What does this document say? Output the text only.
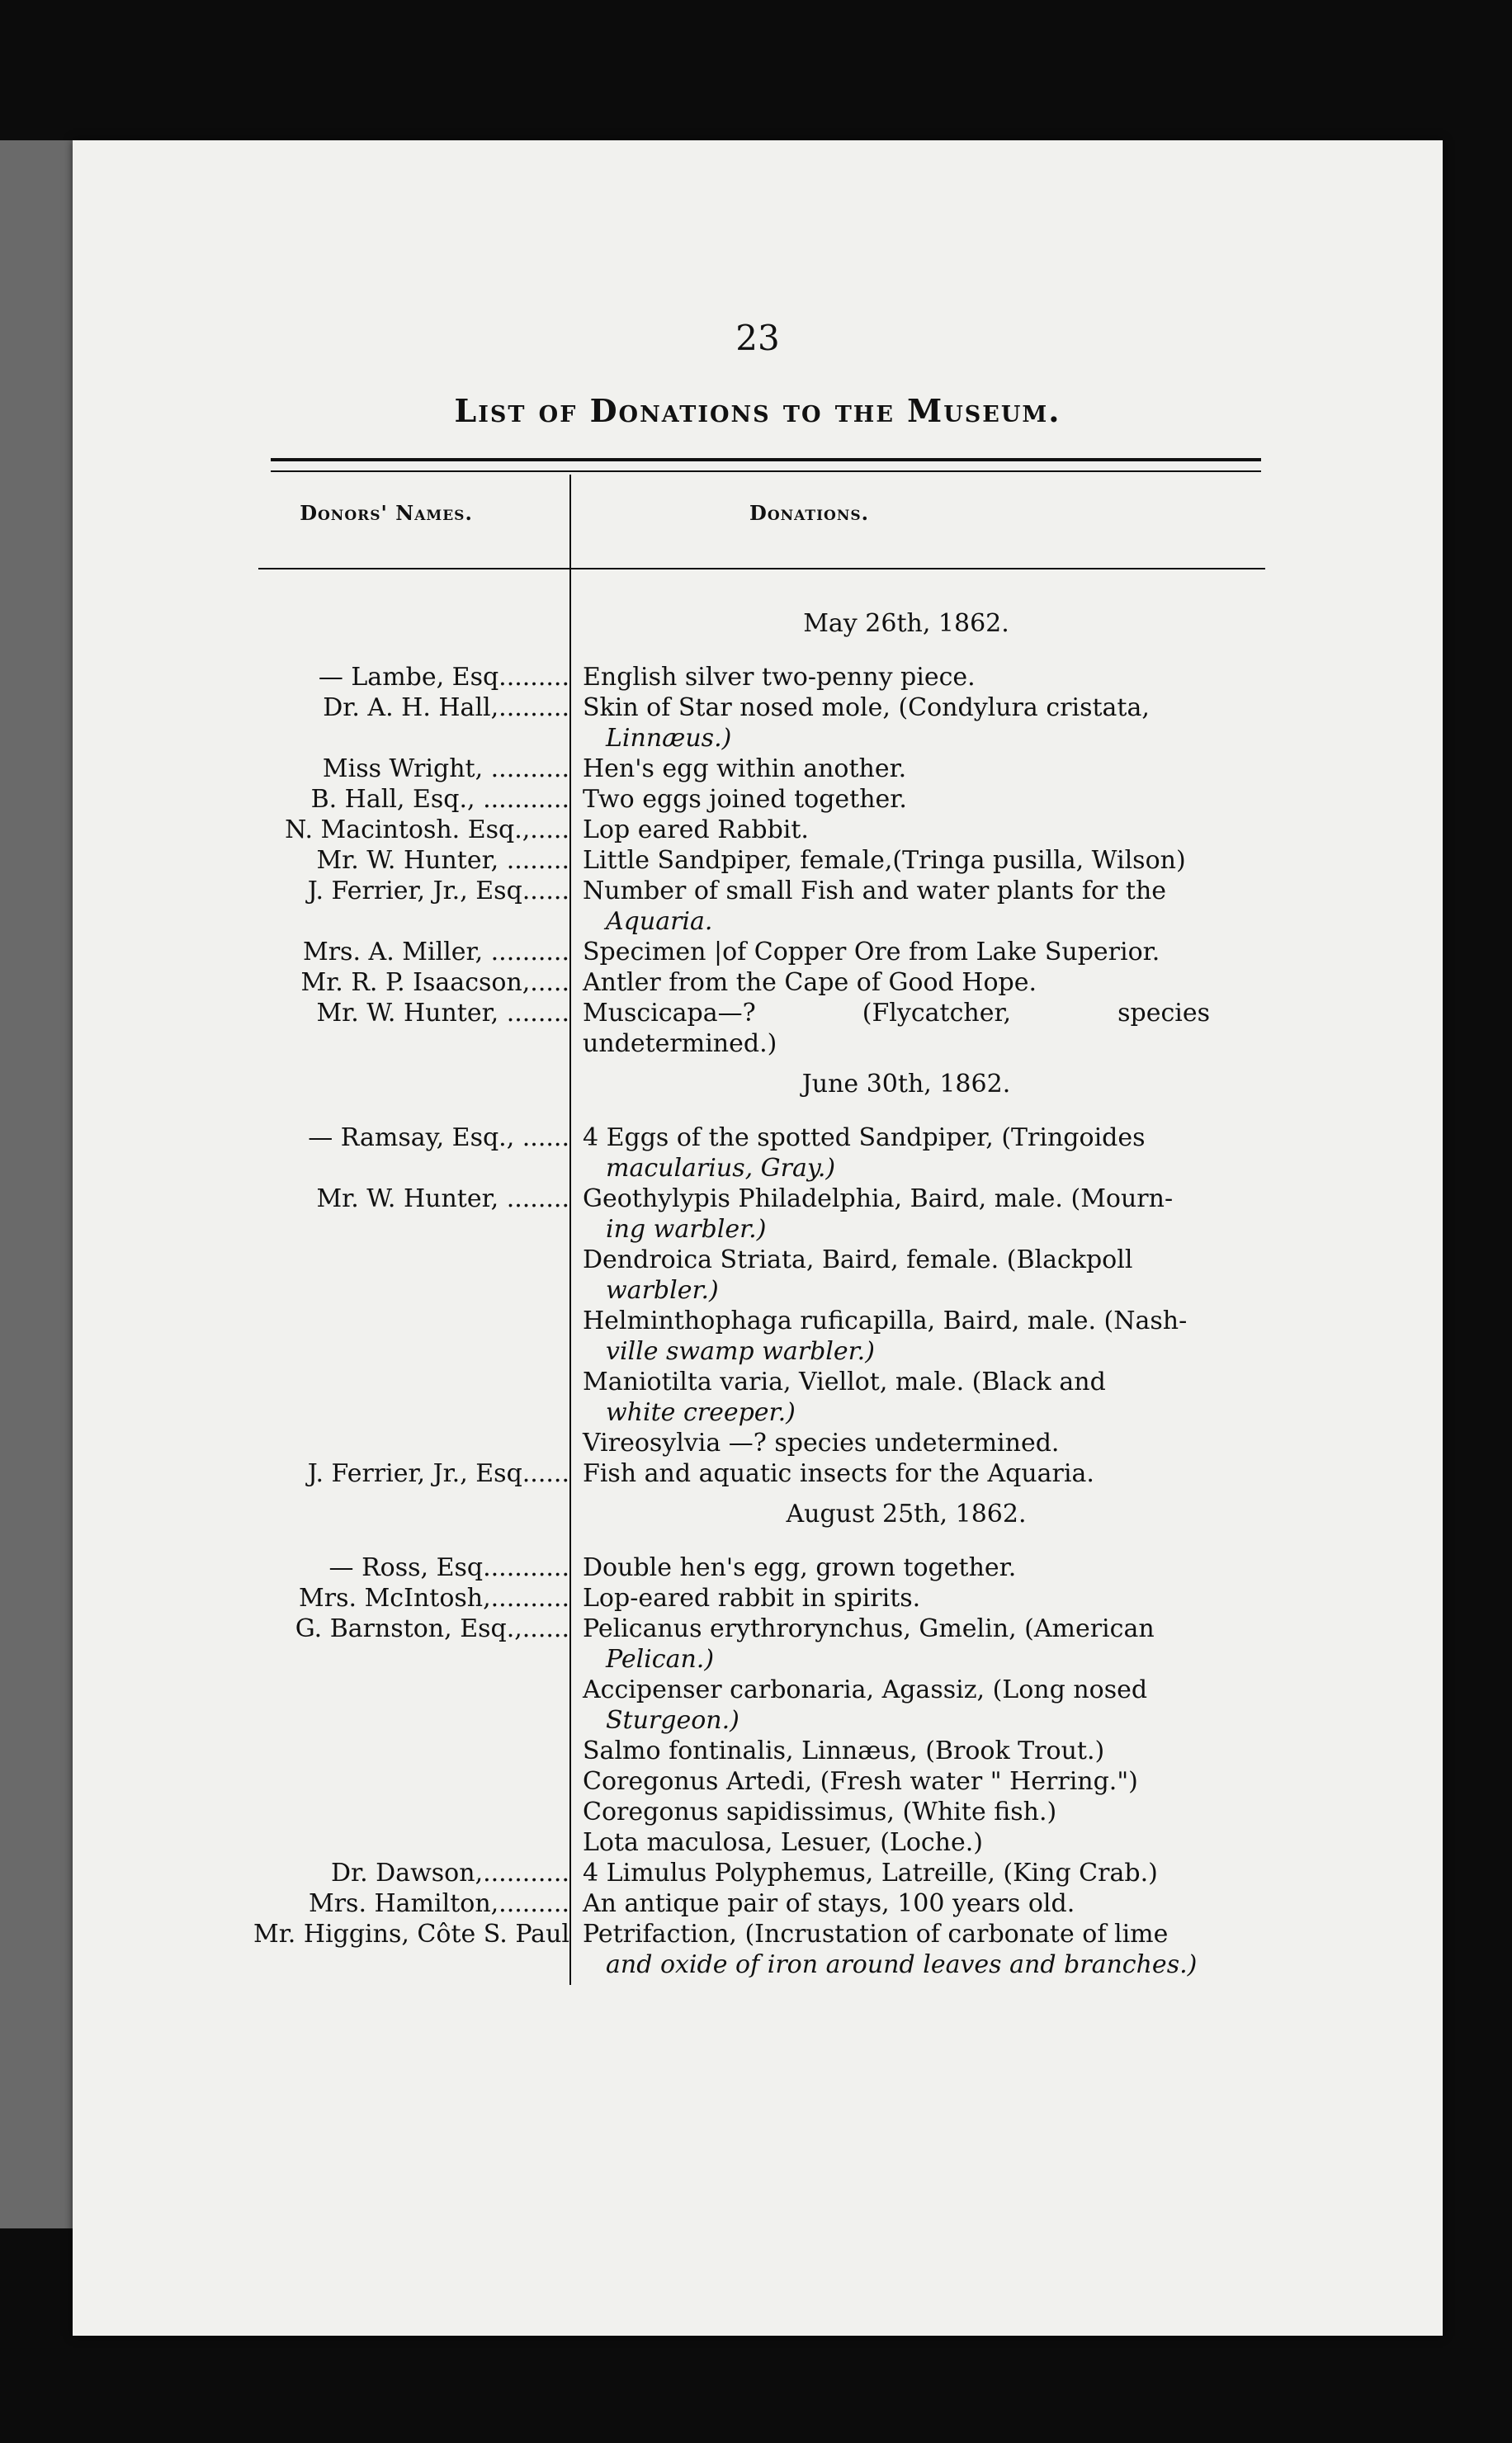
23
List of Donations to the Museum.
Donors' Names.	Donations.
May 26th, 1862.
— Lambe, Esq......... English silver two-penny piece.
Dr. A. H. Hall,......... Skin of Star nosed mole, (Condylura cristata,
Linnæus.)
Miss Wright, .......... Hen's egg within another.
B. Hall, Esq., ........... Two eggs joined together.
N. Macintosh. Esq.,..... Lop eared Rabbit.
Mr. W. Hunter, ........ Little Sandpiper, female,(Tringa pusilla, Wilson)
J. Ferrier, Jr., Esq...... Number of small Fish and water plants for the
Aquaria.
Mrs. A. Miller, .......... Specimen |of Copper Ore from Lake Superior.
Mr. R. P. Isaacson,..... Antler from the Cape of Good Hope.
Mr. W. Hunter, ........ Muscicapa—? (Flycatcher, species undetermined.)
June 30th, 1862.
— Ramsay, Esq., ...... 4 Eggs of the spotted Sandpiper, (Tringoides
macularius, Gray.)
Mr. W. Hunter, ........ Geothylypis Philadelphia, Baird, male. (Mourn-
ing warbler.)
Dendroica Striata, Baird, female. (Blackpoll
warbler.)
Helminthophaga ruficapilla, Baird, male. (Nash-
ville swamp warbler.)
Maniotilta varia, Viellot, male. (Black and
white creeper.)
Vireosylvia —? species undetermined.
J. Ferrier, Jr., Esq...... Fish and aquatic insects for the Aquaria.
August 25th, 1862.
— Ross, Esq........... Double hen's egg, grown together.
Mrs. McIntosh,.......... Lop-eared rabbit in spirits.
G. Barnston, Esq.,...... Pelicanus erythrorynchus, Gmelin, (American
Pelican.)
Accipenser carbonaria, Agassiz, (Long nosed
Sturgeon.)
Salmo fontinalis, Linnæus, (Brook Trout.)
Coregonus Artedi, (Fresh water " Herring.")
Coregonus sapidissimus, (White fish.)
Lota maculosa, Lesuer, (Loche.)
Dr. Dawson,........... 4 Limulus Polyphemus, Latreille, (King Crab.)
Mrs. Hamilton,......... An antique pair of stays, 100 years old.
Mr. Higgins, Côte S. Paul Petrifaction, (Incrustation of carbonate of lime
and oxide of iron around leaves and branches.)
